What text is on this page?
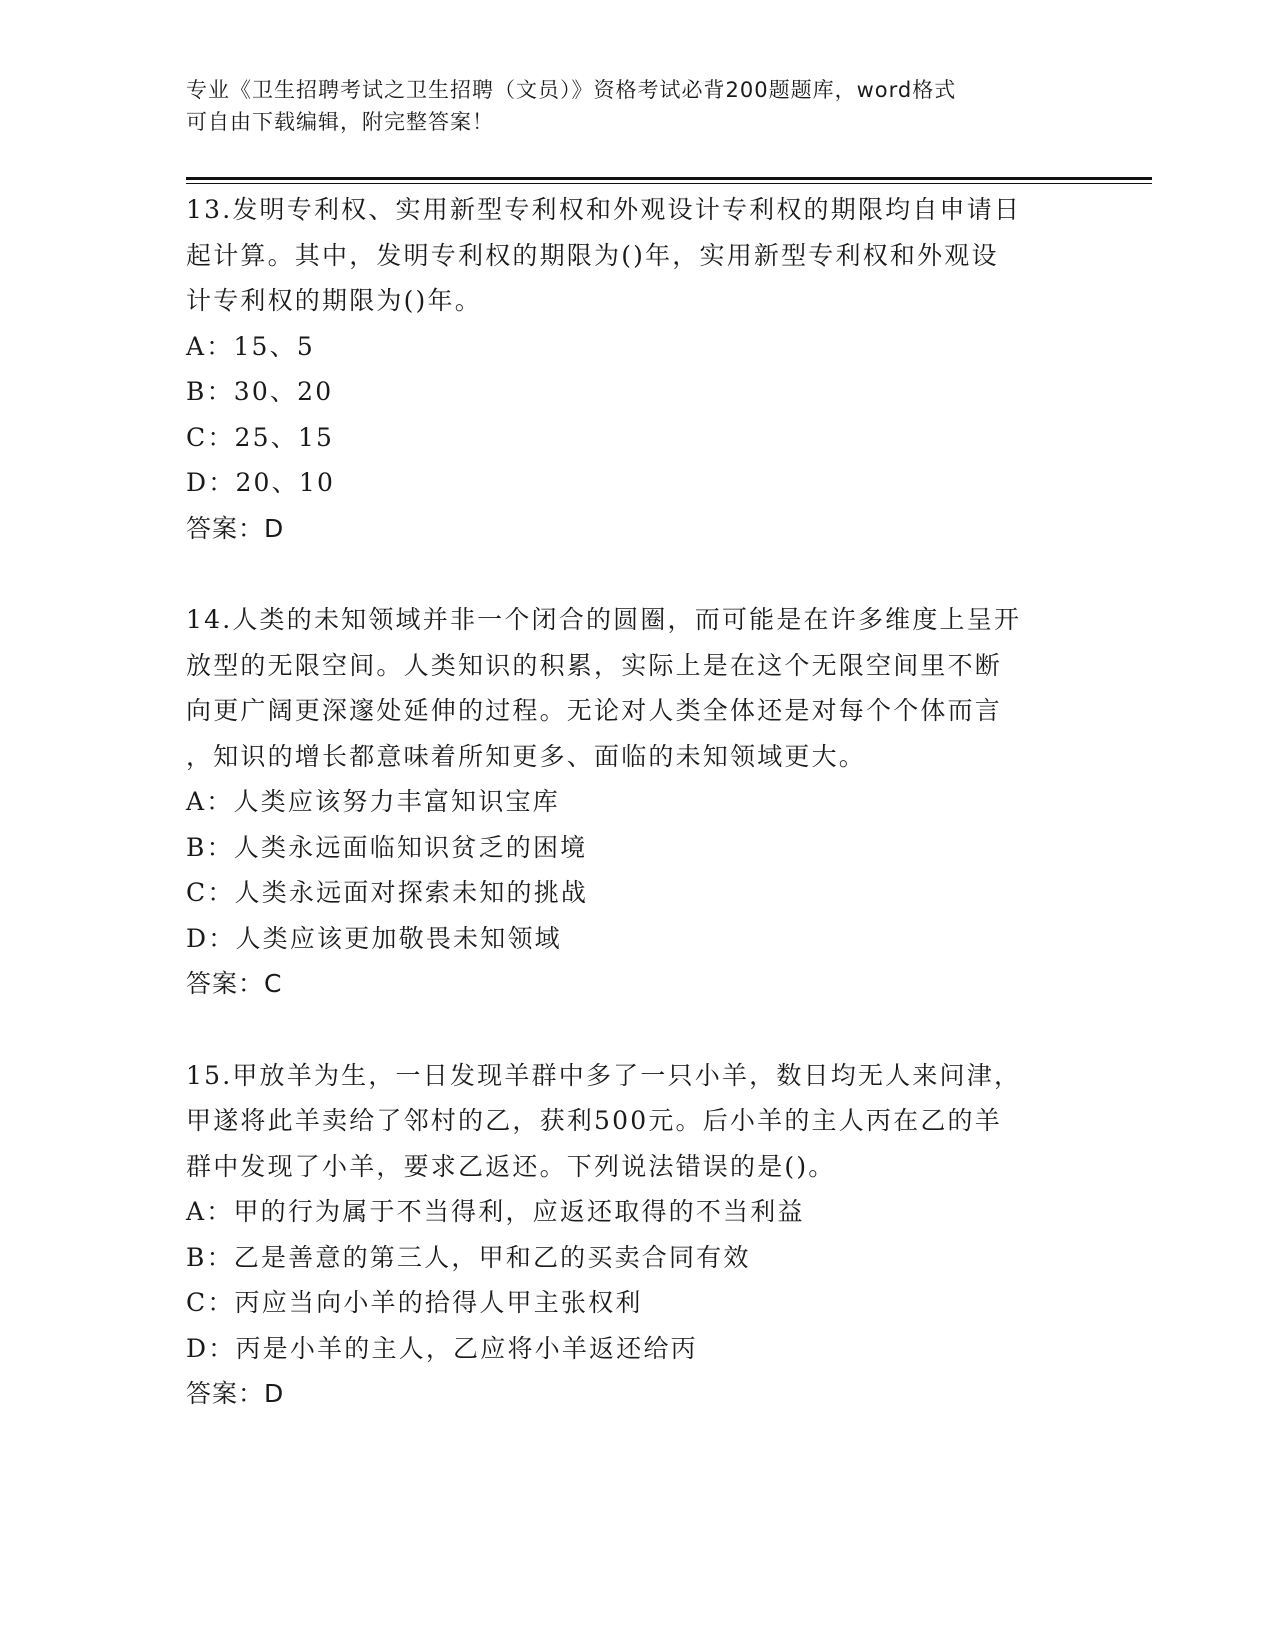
专业《卫生招聘考试之卫生招聘（文员）》资格考试必背200题题库，word格式

可自由下载编辑，附完整答案！

13.发明专利权、实用新型专利权和外观设计专利权的期限均自申请日

起计算。其中，发明专利权的期限为()年，实用新型专利权和外观设

计专利权的期限为()年。

A：15、5

B：30、20

C：25、15

D：20、10

答案：D

14.人类的未知领域并非一个闭合的圆圈，而可能是在许多维度上呈开

放型的无限空间。人类知识的积累，实际上是在这个无限空间里不断

向更广阔更深邃处延伸的过程。无论对人类全体还是对每个个体而言

，知识的增长都意味着所知更多、面临的未知领域更大。

A：人类应该努力丰富知识宝库

B：人类永远面临知识贫乏的困境

C：人类永远面对探索未知的挑战

D：人类应该更加敬畏未知领域

答案：C

15.甲放羊为生，一日发现羊群中多了一只小羊，数日均无人来问津，

甲遂将此羊卖给了邻村的乙，获利500元。后小羊的主人丙在乙的羊

群中发现了小羊，要求乙返还。下列说法错误的是()。

A：甲的行为属于不当得利，应返还取得的不当利益

B：乙是善意的第三人，甲和乙的买卖合同有效

C：丙应当向小羊的拾得人甲主张权利

D：丙是小羊的主人，乙应将小羊返还给丙

答案：D
